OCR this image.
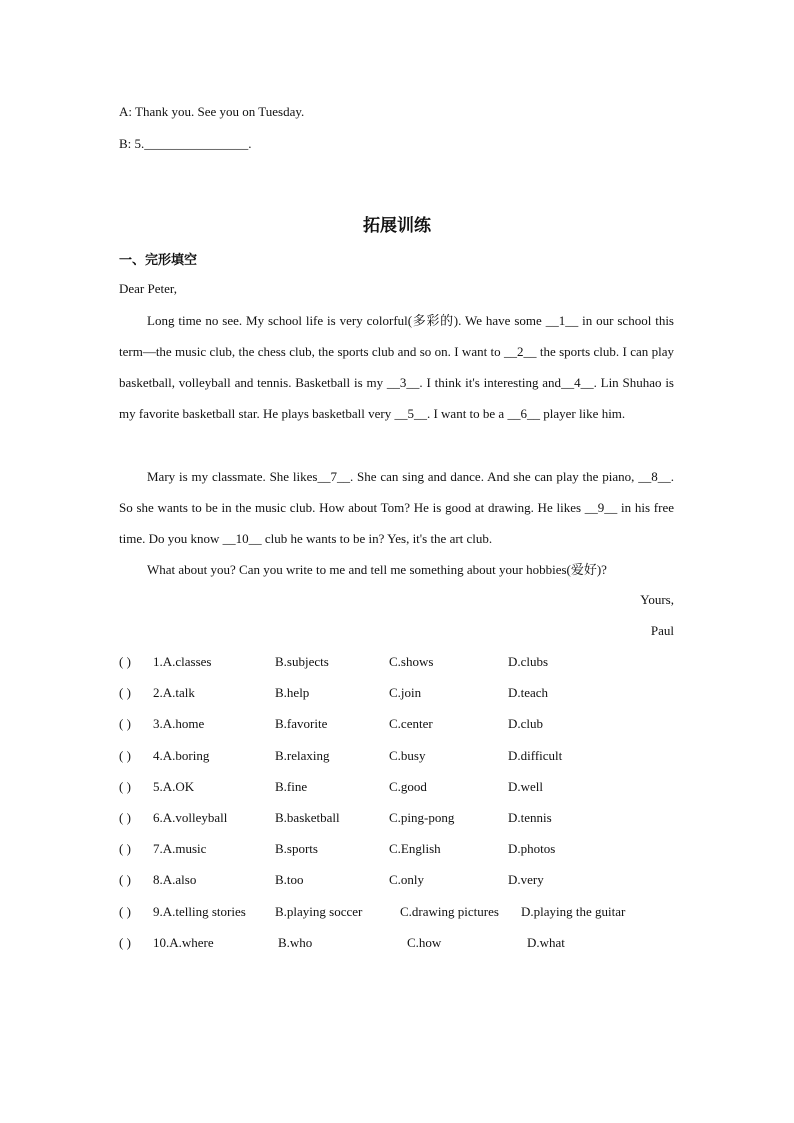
A: Thank you. See you on Tuesday.
B: 5.________________.
拓展训练
一、完形填空
Dear Peter,
Long time no see. My school life is very colorful(多彩的). We have some __1__ in our school this term—the music club, the chess club, the sports club and so on. I want to __2__ the sports club. I can play basketball, volleyball and tennis. Basketball is my __3__. I think it's interesting and__4__. Lin Shuhao is my favorite basketball star. He plays basketball very __5__. I want to be a __6__ player like him.
Mary is my classmate. She likes__7__. She can sing and dance. And she can play the piano, __8__. So she wants to be in the music club. How about Tom? He is good at drawing. He likes __9__ in his free time. Do you know __10__ club he wants to be in? Yes, it's the art club.
What about you? Can you write to me and tell me something about your hobbies(爱好)?
Yours,
Paul
( ) 1.A.classes	B.subjects	C.shows	D.clubs
( ) 2.A.talk	B.help	C.join	D.teach
( ) 3.A.home	B.favorite	C.center	D.club
( ) 4.A.boring	B.relaxing	C.busy	D.difficult
( ) 5.A.OK	B.fine	C.good	D.well
( ) 6.A.volleyball	B.basketball	C.ping-pong	D.tennis
( ) 7.A.music	B.sports	C.English	D.photos
( ) 8.A.also	B.too	C.only	D.very
( ) 9.A.telling stories B.playing soccer	C.drawing pictures D.playing the guitar
( ) 10.A.where	B.who	C.how	D.what
